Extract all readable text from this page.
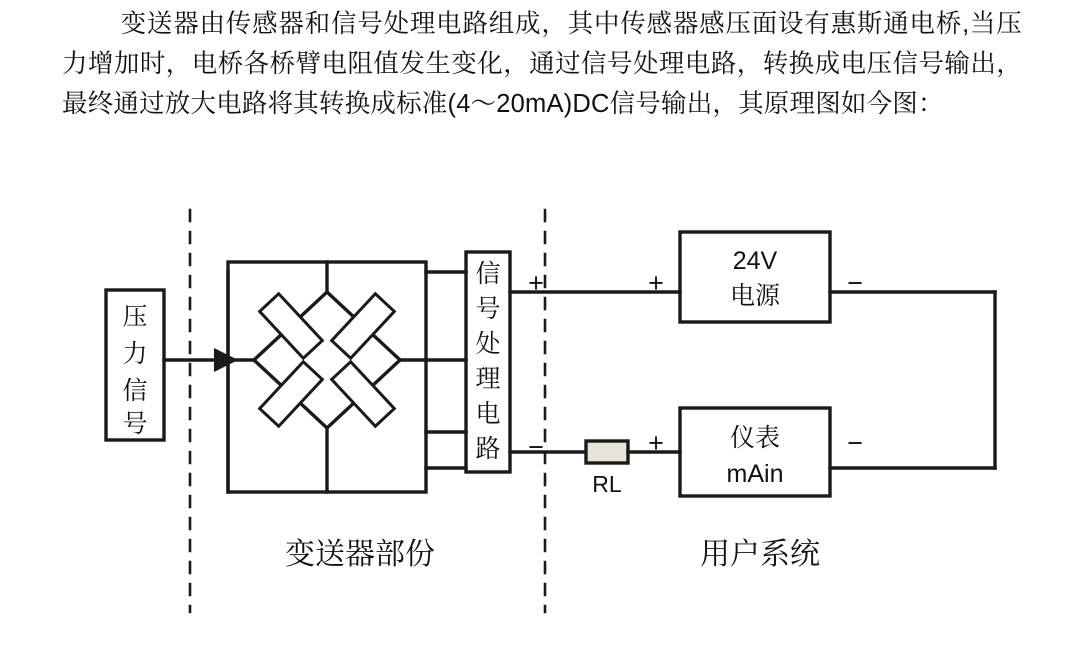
变送器由传感器和信号处理电路组成，其中传感器感压面设有惠斯通电桥,当压力增加时，电桥各桥臂电阻值发生变化，通过信号处理电路，转换成电压信号输出，最终通过放大电路将其转换成标准(4～20mA)DC信号输出，其原理图如今图：
压
力
信
号
信
号
处
理
电
路
+	+	−
−	+	−
24V
电源
仪表
mAin
RL
变送器部份	用户系统
